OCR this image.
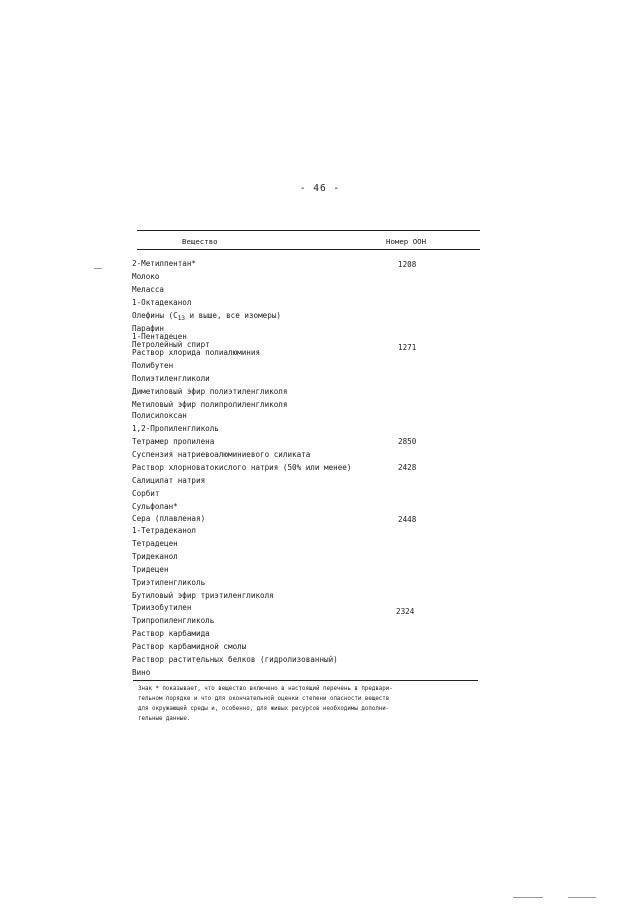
- 46 -
Вещество	Номер ООН
2-Метилпентан*	1208
Молоко
Меласса
1-Октадеканол
Олефины ($С_{13}$ и выше, все изомеры)
Парафин
1-Пентадецен
Петролейный спирт	1271
Раствор хлорида полиалюминия
Полибутен
Полиэтиленгликоли
Диметиловый эфир полиэтиленгликоля
Метиловый эфир полипропиленгликоля
Полисилоксан
1,2-Пропиленгликоль
Тетрамер пропилена	2850
Суспензия натриевоалюминиевого силиката
Раствор хлорноватокислого натрия (50% или менее)	2428
Салицилат натрия
Сорбит
Сульфолан*
Сера (плавленая)	2448
1-Тетрадеканол
Тетрадецен
Тридеканол
Тридецен
Триэтиленгликоль
Бутиловый эфир триэтиленгликоля
Триизобутилен	2324
Трипропиленгликоль
Раствор карбамида
Раствор карбамидной смолы
Раствор растительных белков (гидролизованный)
Вино
Знак * показывает, что вещество включено в настоящий перечень в предвари-
тельном порядке и что для окончательной оценки степени опасности веществ
для окружающей среды и, особенно, для живых ресурсов необходимы дополни-
тельные данные.
